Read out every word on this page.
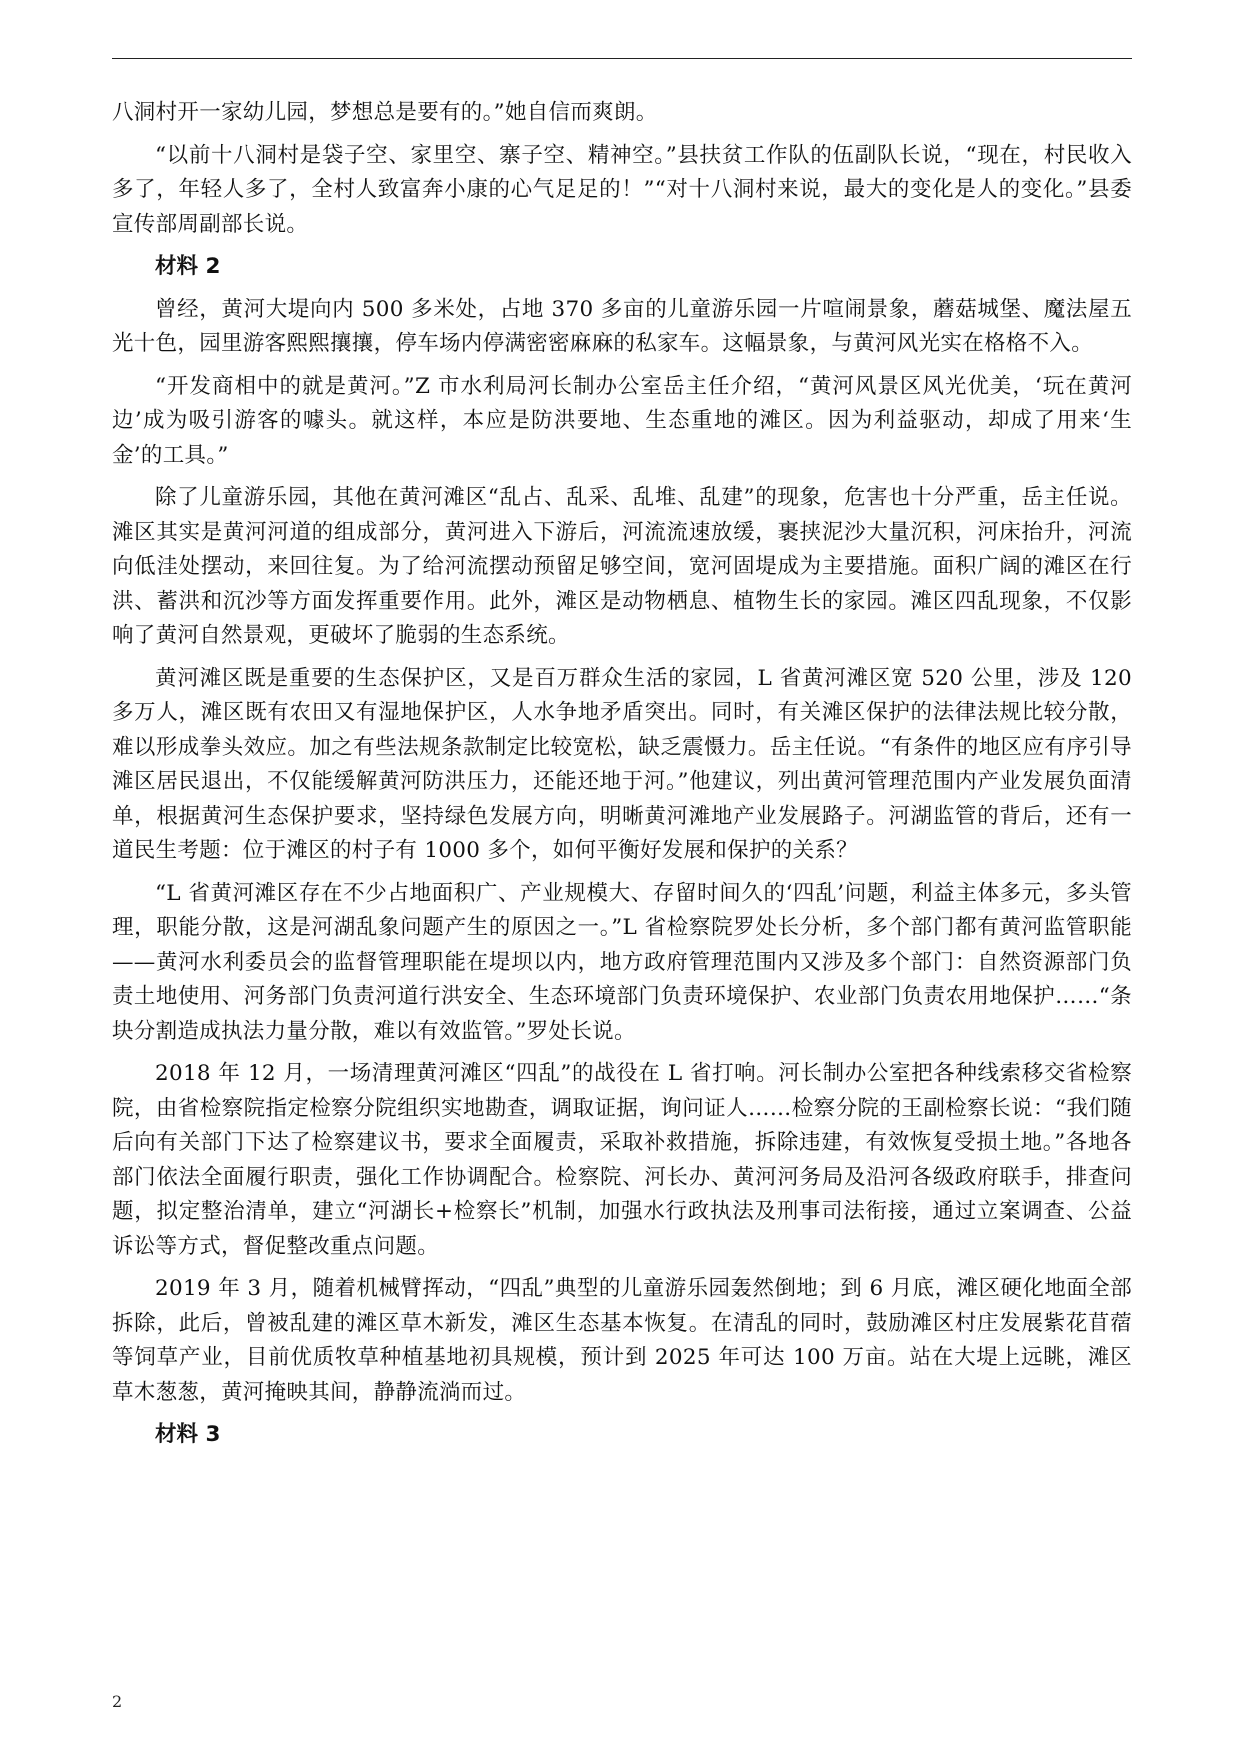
八洞村开一家幼儿园，梦想总是要有的。”她自信而爽朗。

“以前十八洞村是袋子空、家里空、寨子空、精神空。”县扶贫工作队的伍副队长说，“现在，村民收入多了，年轻人多了，全村人致富奔小康的心气足足的！”“对十八洞村来说，最大的变化是人的变化。”县委宣传部周副部长说。

材料 2

曾经，黄河大堤向内 500 多米处，占地 370 多亩的儿童游乐园一片喧闹景象，蘑菇城堡、魔法屋五光十色，园里游客熙熙攘攘，停车场内停满密密麻麻的私家车。这幅景象，与黄河风光实在格格不入。

“开发商相中的就是黄河。”Z 市水利局河长制办公室岳主任介绍，“黄河风景区风光优美，‘玩在黄河边’成为吸引游客的噱头。就这样，本应是防洪要地、生态重地的滩区。因为利益驱动，却成了用来‘生金’的工具。”

除了儿童游乐园，其他在黄河滩区“乱占、乱采、乱堆、乱建”的现象，危害也十分严重，岳主任说。滩区其实是黄河河道的组成部分，黄河进入下游后，河流流速放缓，裹挟泥沙大量沉积，河床抬升，河流向低洼处摆动，来回往复。为了给河流摆动预留足够空间，宽河固堤成为主要措施。面积广阔的滩区在行洪、蓄洪和沉沙等方面发挥重要作用。此外，滩区是动物栖息、植物生长的家园。滩区四乱现象，不仅影响了黄河自然景观，更破坏了脆弱的生态系统。

黄河滩区既是重要的生态保护区，又是百万群众生活的家园，L 省黄河滩区宽 520 公里，涉及 120 多万人，滩区既有农田又有湿地保护区，人水争地矛盾突出。同时，有关滩区保护的法律法规比较分散，难以形成拳头效应。加之有些法规条款制定比较宽松，缺乏震慑力。岳主任说。“有条件的地区应有序引导滩区居民退出，不仅能缓解黄河防洪压力，还能还地于河。”他建议，列出黄河管理范围内产业发展负面清单，根据黄河生态保护要求，坚持绿色发展方向，明晰黄河滩地产业发展路子。河湖监管的背后，还有一道民生考题：位于滩区的村子有 1000 多个，如何平衡好发展和保护的关系？

“L 省黄河滩区存在不少占地面积广、产业规模大、存留时间久的‘四乱’问题，利益主体多元，多头管理，职能分散，这是河湖乱象问题产生的原因之一。”L 省检察院罗处长分析，多个部门都有黄河监管职能——黄河水利委员会的监督管理职能在堤坝以内，地方政府管理范围内又涉及多个部门：自然资源部门负责土地使用、河务部门负责河道行洪安全、生态环境部门负责环境保护、农业部门负责农用地保护……“条块分割造成执法力量分散，难以有效监管。”罗处长说。

2018 年 12 月，一场清理黄河滩区“四乱”的战役在 L 省打响。河长制办公室把各种线索移交省检察院，由省检察院指定检察分院组织实地勘查，调取证据，询问证人……检察分院的王副检察长说：“我们随后向有关部门下达了检察建议书，要求全面履责，采取补救措施，拆除违建，有效恢复受损土地。”各地各部门依法全面履行职责，强化工作协调配合。检察院、河长办、黄河河务局及沿河各级政府联手，排查问题，拟定整治清单，建立“河湖长+检察长”机制，加强水行政执法及刑事司法衔接，通过立案调查、公益诉讼等方式，督促整改重点问题。

2019 年 3 月，随着机械臂挥动，“四乱”典型的儿童游乐园轰然倒地；到 6 月底，滩区硬化地面全部拆除，此后，曾被乱建的滩区草木新发，滩区生态基本恢复。在清乱的同时，鼓励滩区村庄发展紫花苜蓿等饲草产业，目前优质牧草种植基地初具规模，预计到 2025 年可达 100 万亩。站在大堤上远眺，滩区草木葱葱，黄河掩映其间，静静流淌而过。

材料 3

2
